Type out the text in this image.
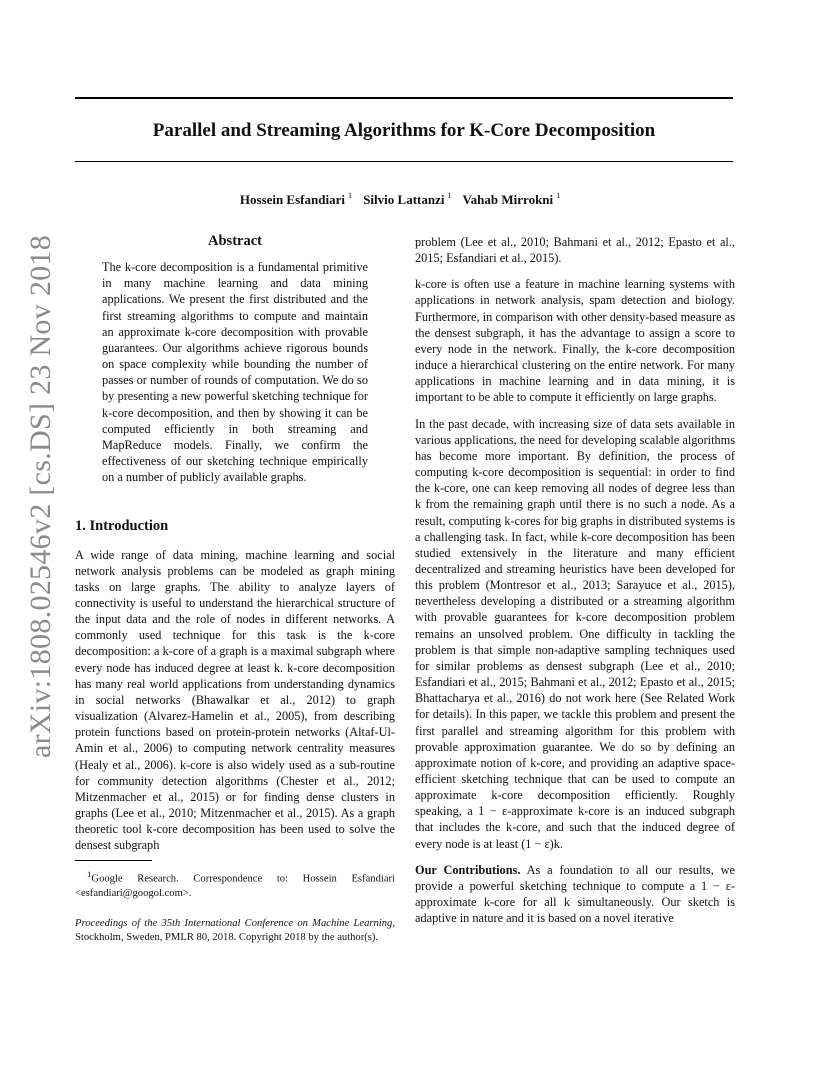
arXiv:1808.02546v2 [cs.DS] 23 Nov 2018
Parallel and Streaming Algorithms for K-Core Decomposition
Hossein Esfandiari $^1$ Silvio Lattanzi $^1$ Vahab Mirrokni $^1$
Abstract

The k-core decomposition is a fundamental primitive in many machine learning and data mining applications. We present the first distributed and the first streaming algorithms to compute and maintain an approximate k-core decomposition with provable guarantees. Our algorithms achieve rigorous bounds on space complexity while bounding the number of passes or number of rounds of computation. We do so by presenting a new powerful sketching technique for k-core decomposition, and then by showing it can be computed efficiently in both streaming and MapReduce models. Finally, we confirm the effectiveness of our sketching technique empirically on a number of publicly available graphs.

1. Introduction

A wide range of data mining, machine learning and social network analysis problems can be modeled as graph mining tasks on large graphs. The ability to analyze layers of connectivity is useful to understand the hierarchical structure of the input data and the role of nodes in different networks. A commonly used technique for this task is the k-core decomposition: a k-core of a graph is a maximal subgraph where every node has induced degree at least k. k-core decomposition has many real world applications from understanding dynamics in social networks (Bhawalkar et al., 2012) to graph visualization (Alvarez-Hamelin et al., 2005), from describing protein functions based on protein-protein networks (Altaf-Ul-Amin et al., 2006) to computing network centrality measures (Healy et al., 2006). k-core is also widely used as a sub-routine for community detection algorithms (Chester et al., 2012; Mitzenmacher et al., 2015) or for finding dense clusters in graphs (Lee et al., 2010; Mitzenmacher et al., 2015). As a graph theoretic tool k-core decomposition has been used to solve the densest subgraph

$^1$Google Research. Correspondence to: Hossein Esfandiari <esfandiari@googol.com>.

Proceedings of the 35th International Conference on Machine Learning, Stockholm, Sweden, PMLR 80, 2018. Copyright 2018 by the author(s).

problem (Lee et al., 2010; Bahmani et al., 2012; Epasto et al., 2015; Esfandiari et al., 2015).

k-core is often use a feature in machine learning systems with applications in network analysis, spam detection and biology. Furthermore, in comparison with other density-based measure as the densest subgraph, it has the advantage to assign a score to every node in the network. Finally, the k-core decomposition induce a hierarchical clustering on the entire network. For many applications in machine learning and in data mining, it is important to be able to compute it efficiently on large graphs.

In the past decade, with increasing size of data sets available in various applications, the need for developing scalable algorithms has become more important. By definition, the process of computing k-core decomposition is sequential: in order to find the k-core, one can keep removing all nodes of degree less than k from the remaining graph until there is no such a node. As a result, computing k-cores for big graphs in distributed systems is a challenging task. In fact, while k-core decomposition has been studied extensively in the literature and many efficient decentralized and streaming heuristics have been developed for this problem (Montresor et al., 2013; Sarayuce et al., 2015), nevertheless developing a distributed or a streaming algorithm with provable guarantees for k-core decomposition problem remains an unsolved problem. One difficulty in tackling the problem is that simple non-adaptive sampling techniques used for similar problems as densest subgraph (Lee et al., 2010; Esfandiari et al., 2015; Bahmani et al., 2012; Epasto et al., 2015; Bhattacharya et al., 2016) do not work here (See Related Work for details). In this paper, we tackle this problem and present the first parallel and streaming algorithm for this problem with provable approximation guarantee. We do so by defining an approximate notion of k-core, and providing an adaptive space-efficient sketching technique that can be used to compute an approximate k-core decomposition efficiently. Roughly speaking, a 1 − ε-approximate k-core is an induced subgraph that includes the k-core, and such that the induced degree of every node is at least (1 − ε)k.

Our Contributions. As a foundation to all our results, we provide a powerful sketching technique to compute a 1 − ε-approximate k-core for all k simultaneously. Our sketch is adaptive in nature and it is based on a novel iterative
